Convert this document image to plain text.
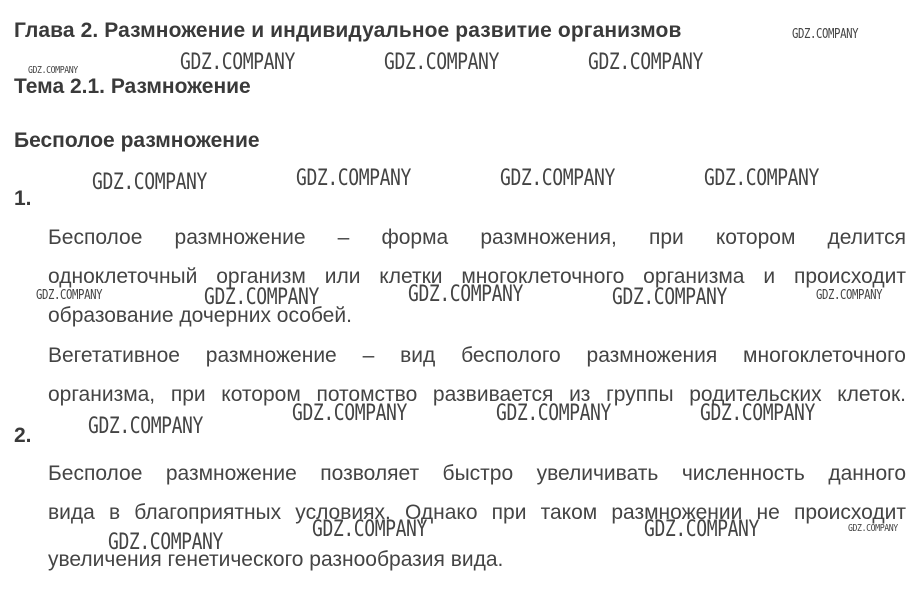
Глава 2. Размножение и индивидуальное развитие организмов
Тема 2.1. Размножение
Бесполое размножение
1.
Бесполое размножение – форма размножения, при котором делится
одноклеточный организм или клетки многоклеточного организма и происходит
образование дочерних особей.
Вегетативное размножение – вид бесполого размножения многоклеточного
организма, при котором потомство развивается из группы родительских клеток.
2.
Бесполое размножение позволяет быстро увеличивать численность данного
вида в благоприятных условиях. Однако при таком размножении не происходит
увеличения генетического разнообразия вида.
GDZ.COMPANY
GDZ.COMPANY	GDZ.COMPANY	GDZ.COMPANY	GDZ.COMPANY
GDZ.COMPANY	GDZ.COMPANY	GDZ.COMPANY	GDZ.COMPANY
GDZ.COMPANY	GDZ.COMPANY	GDZ.COMPANY	GDZ.COMPANY	GDZ.COMPANY
GDZ.COMPANY
GDZ.COMPANY	GDZ.COMPANY	GDZ.COMPANY
GDZ.COMPANY	GDZ.COMPANY	GDZ.COMPANY
GDZ.COMPANY
